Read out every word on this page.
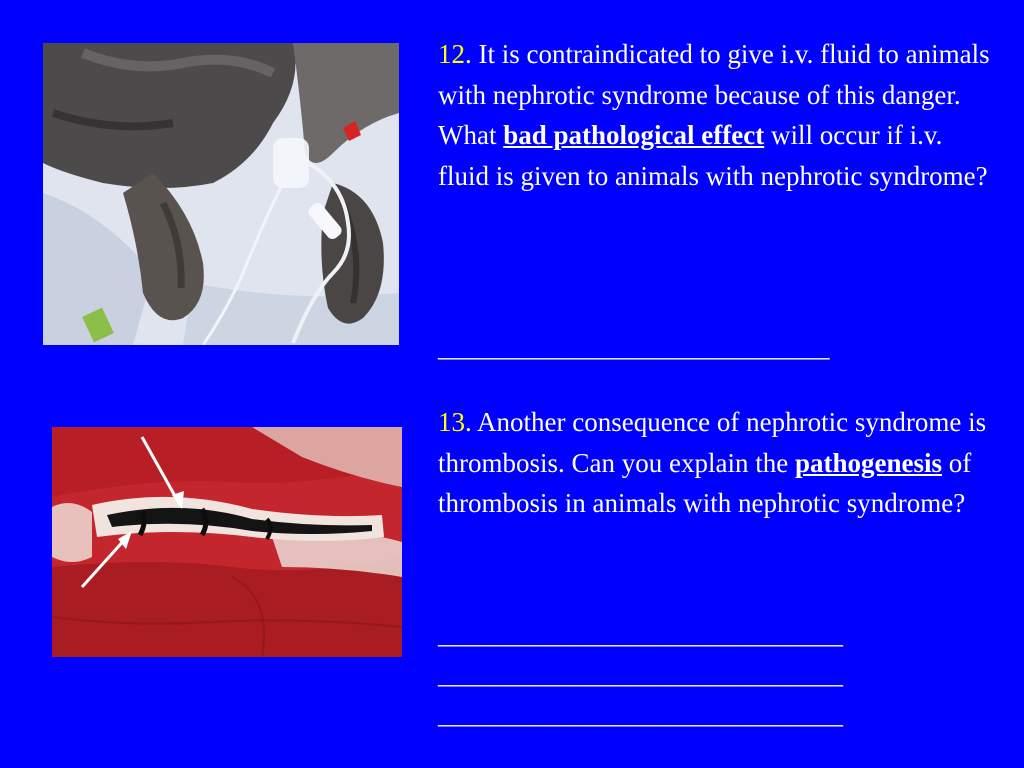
12. It is contraindicated to give i.v. fluid to animals with nephrotic syndrome because of this danger. What bad pathological effect will occur if i.v. fluid is given to animals with nephrotic syndrome?
_____________________________
13. Another consequence of nephrotic syndrome is thrombosis. Can you explain the pathogenesis of thrombosis in animals with nephrotic syndrome?
______________________________
______________________________
______________________________
